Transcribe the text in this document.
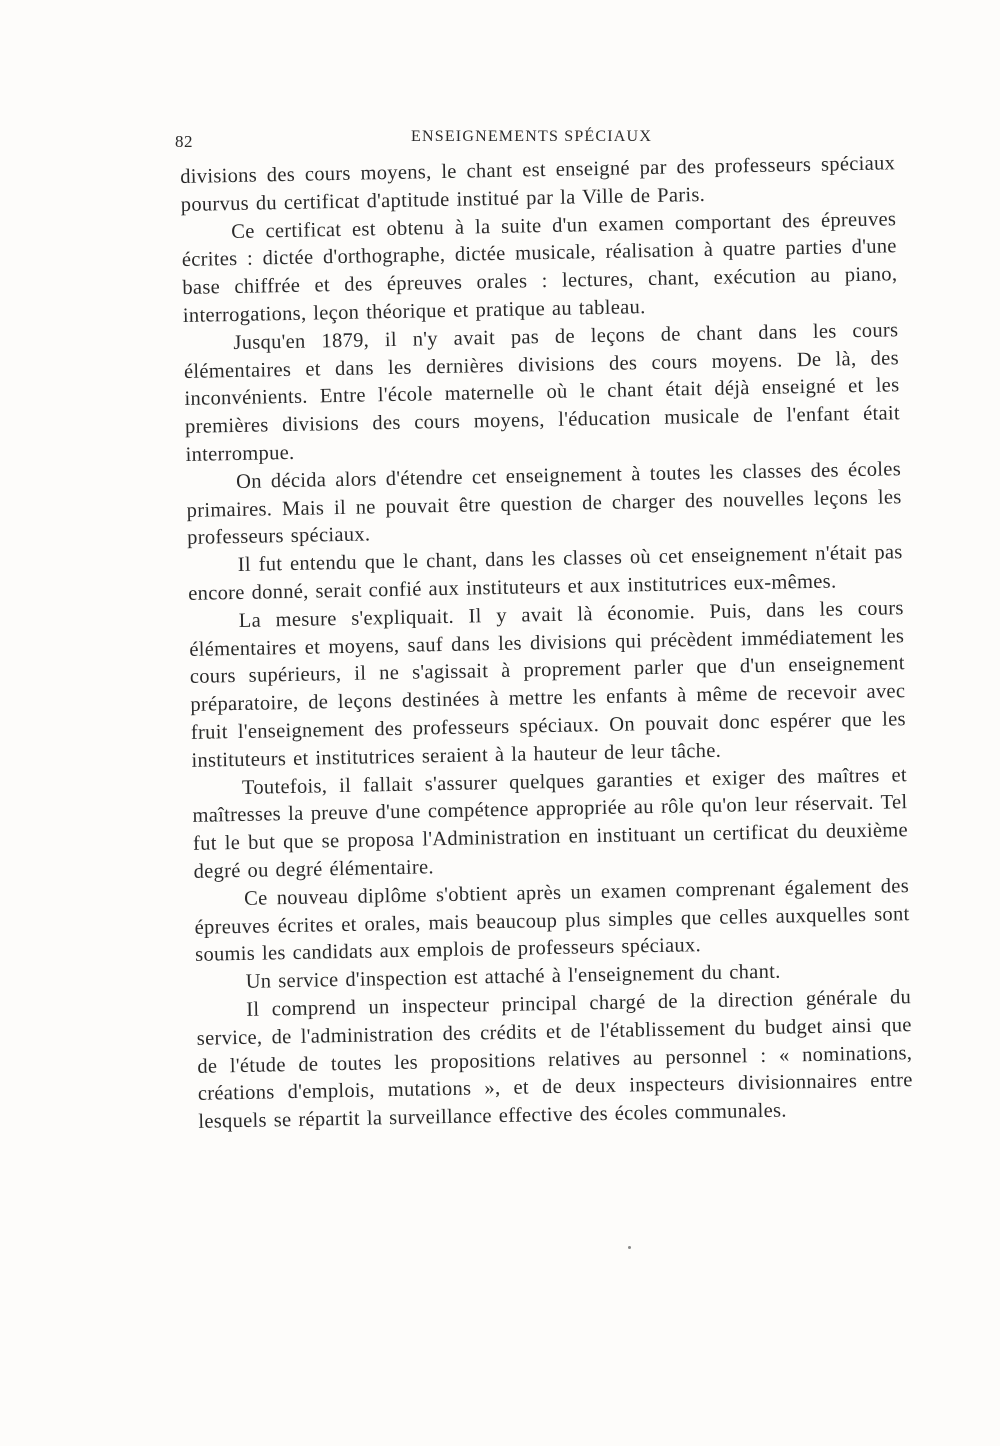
82	ENSEIGNEMENTS SPÉCIAUX

divisions des cours moyens, le chant est enseigné par des professeurs spéciaux pourvus du certificat d'aptitude institué par la Ville de Paris.

Ce certificat est obtenu à la suite d'un examen comportant des épreuves écrites : dictée d'orthographe, dictée musicale, réalisation à quatre parties d'une base chiffrée et des épreuves orales : lectures, chant, exécution au piano, interrogations, leçon théorique et pratique au tableau.

Jusqu'en 1879, il n'y avait pas de leçons de chant dans les cours élémentaires et dans les dernières divisions des cours moyens. De là, des inconvénients. Entre l'école maternelle où le chant était déjà enseigné et les premières divisions des cours moyens, l'éducation musicale de l'enfant était interrompue.

On décida alors d'étendre cet enseignement à toutes les classes des écoles primaires. Mais il ne pouvait être question de charger des nouvelles leçons les professeurs spéciaux.

Il fut entendu que le chant, dans les classes où cet enseignement n'était pas encore donné, serait confié aux instituteurs et aux institutrices eux-mêmes.

La mesure s'expliquait. Il y avait là économie. Puis, dans les cours élémentaires et moyens, sauf dans les divisions qui précèdent immédiatement les cours supérieurs, il ne s'agissait à proprement parler que d'un enseignement préparatoire, de leçons destinées à mettre les enfants à même de recevoir avec fruit l'enseignement des professeurs spéciaux. On pouvait donc espérer que les instituteurs et institutrices seraient à la hauteur de leur tâche.

Toutefois, il fallait s'assurer quelques garanties et exiger des maîtres et maîtresses la preuve d'une compétence appropriée au rôle qu'on leur réservait. Tel fut le but que se proposa l'Administration en instituant un certificat du deuxième degré ou degré élémentaire.

Ce nouveau diplôme s'obtient après un examen comprenant également des épreuves écrites et orales, mais beaucoup plus simples que celles auxquelles sont soumis les candidats aux emplois de professeurs spéciaux.

Un service d'inspection est attaché à l'enseignement du chant.

Il comprend un inspecteur principal chargé de la direction générale du service, de l'administration des crédits et de l'établissement du budget ainsi que de l'étude de toutes les propositions relatives au personnel : « nominations, créations d'emplois, mutations », et de deux inspecteurs divisionnaires entre lesquels se répartit la surveillance effective des écoles communales.
